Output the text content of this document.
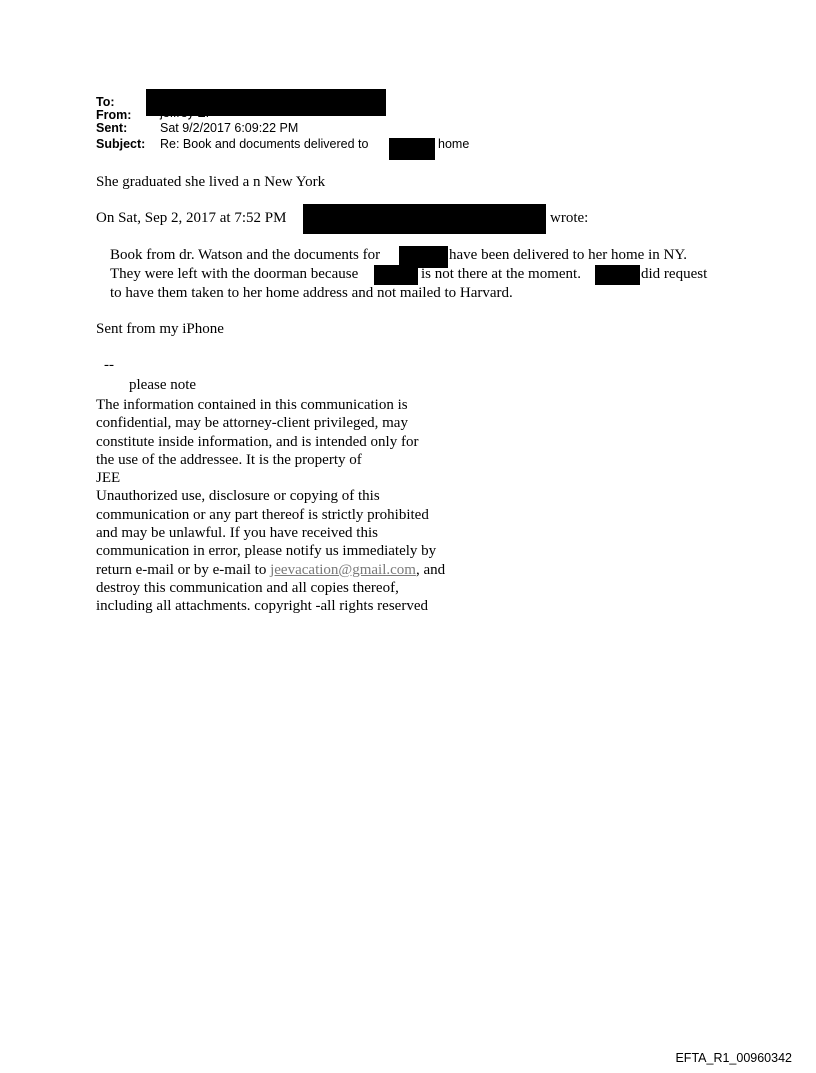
To:
From:
Sent:	Sat 9/2/2017 6:09:22 PM
Subject: Re: Book and documents delivered to	home
She graduated she lived a n New York
On Sat, Sep 2, 2017 at 7:52 PM	wrote:
Book from dr. Watson and the documents for	have been delivered to her home in NY.
They were left with the doorman because	is not there at the moment.	did request
to have them taken to her home address and not mailed to Harvard.
Sent from my iPhone
--
please note
The information contained in this communication is
confidential, may be attorney-client privileged, may
constitute inside information, and is intended only for
the use of the addressee. It is the property of
JEE
Unauthorized use, disclosure or copying of this
communication or any part thereof is strictly prohibited
and may be unlawful. If you have received this
communication in error, please notify us immediately by
return e-mail or by e-mail to jeevacation@gmail.com, and
destroy this communication and all copies thereof,
including all attachments. copyright -all rights reserved
EFTA_R1_00960342
